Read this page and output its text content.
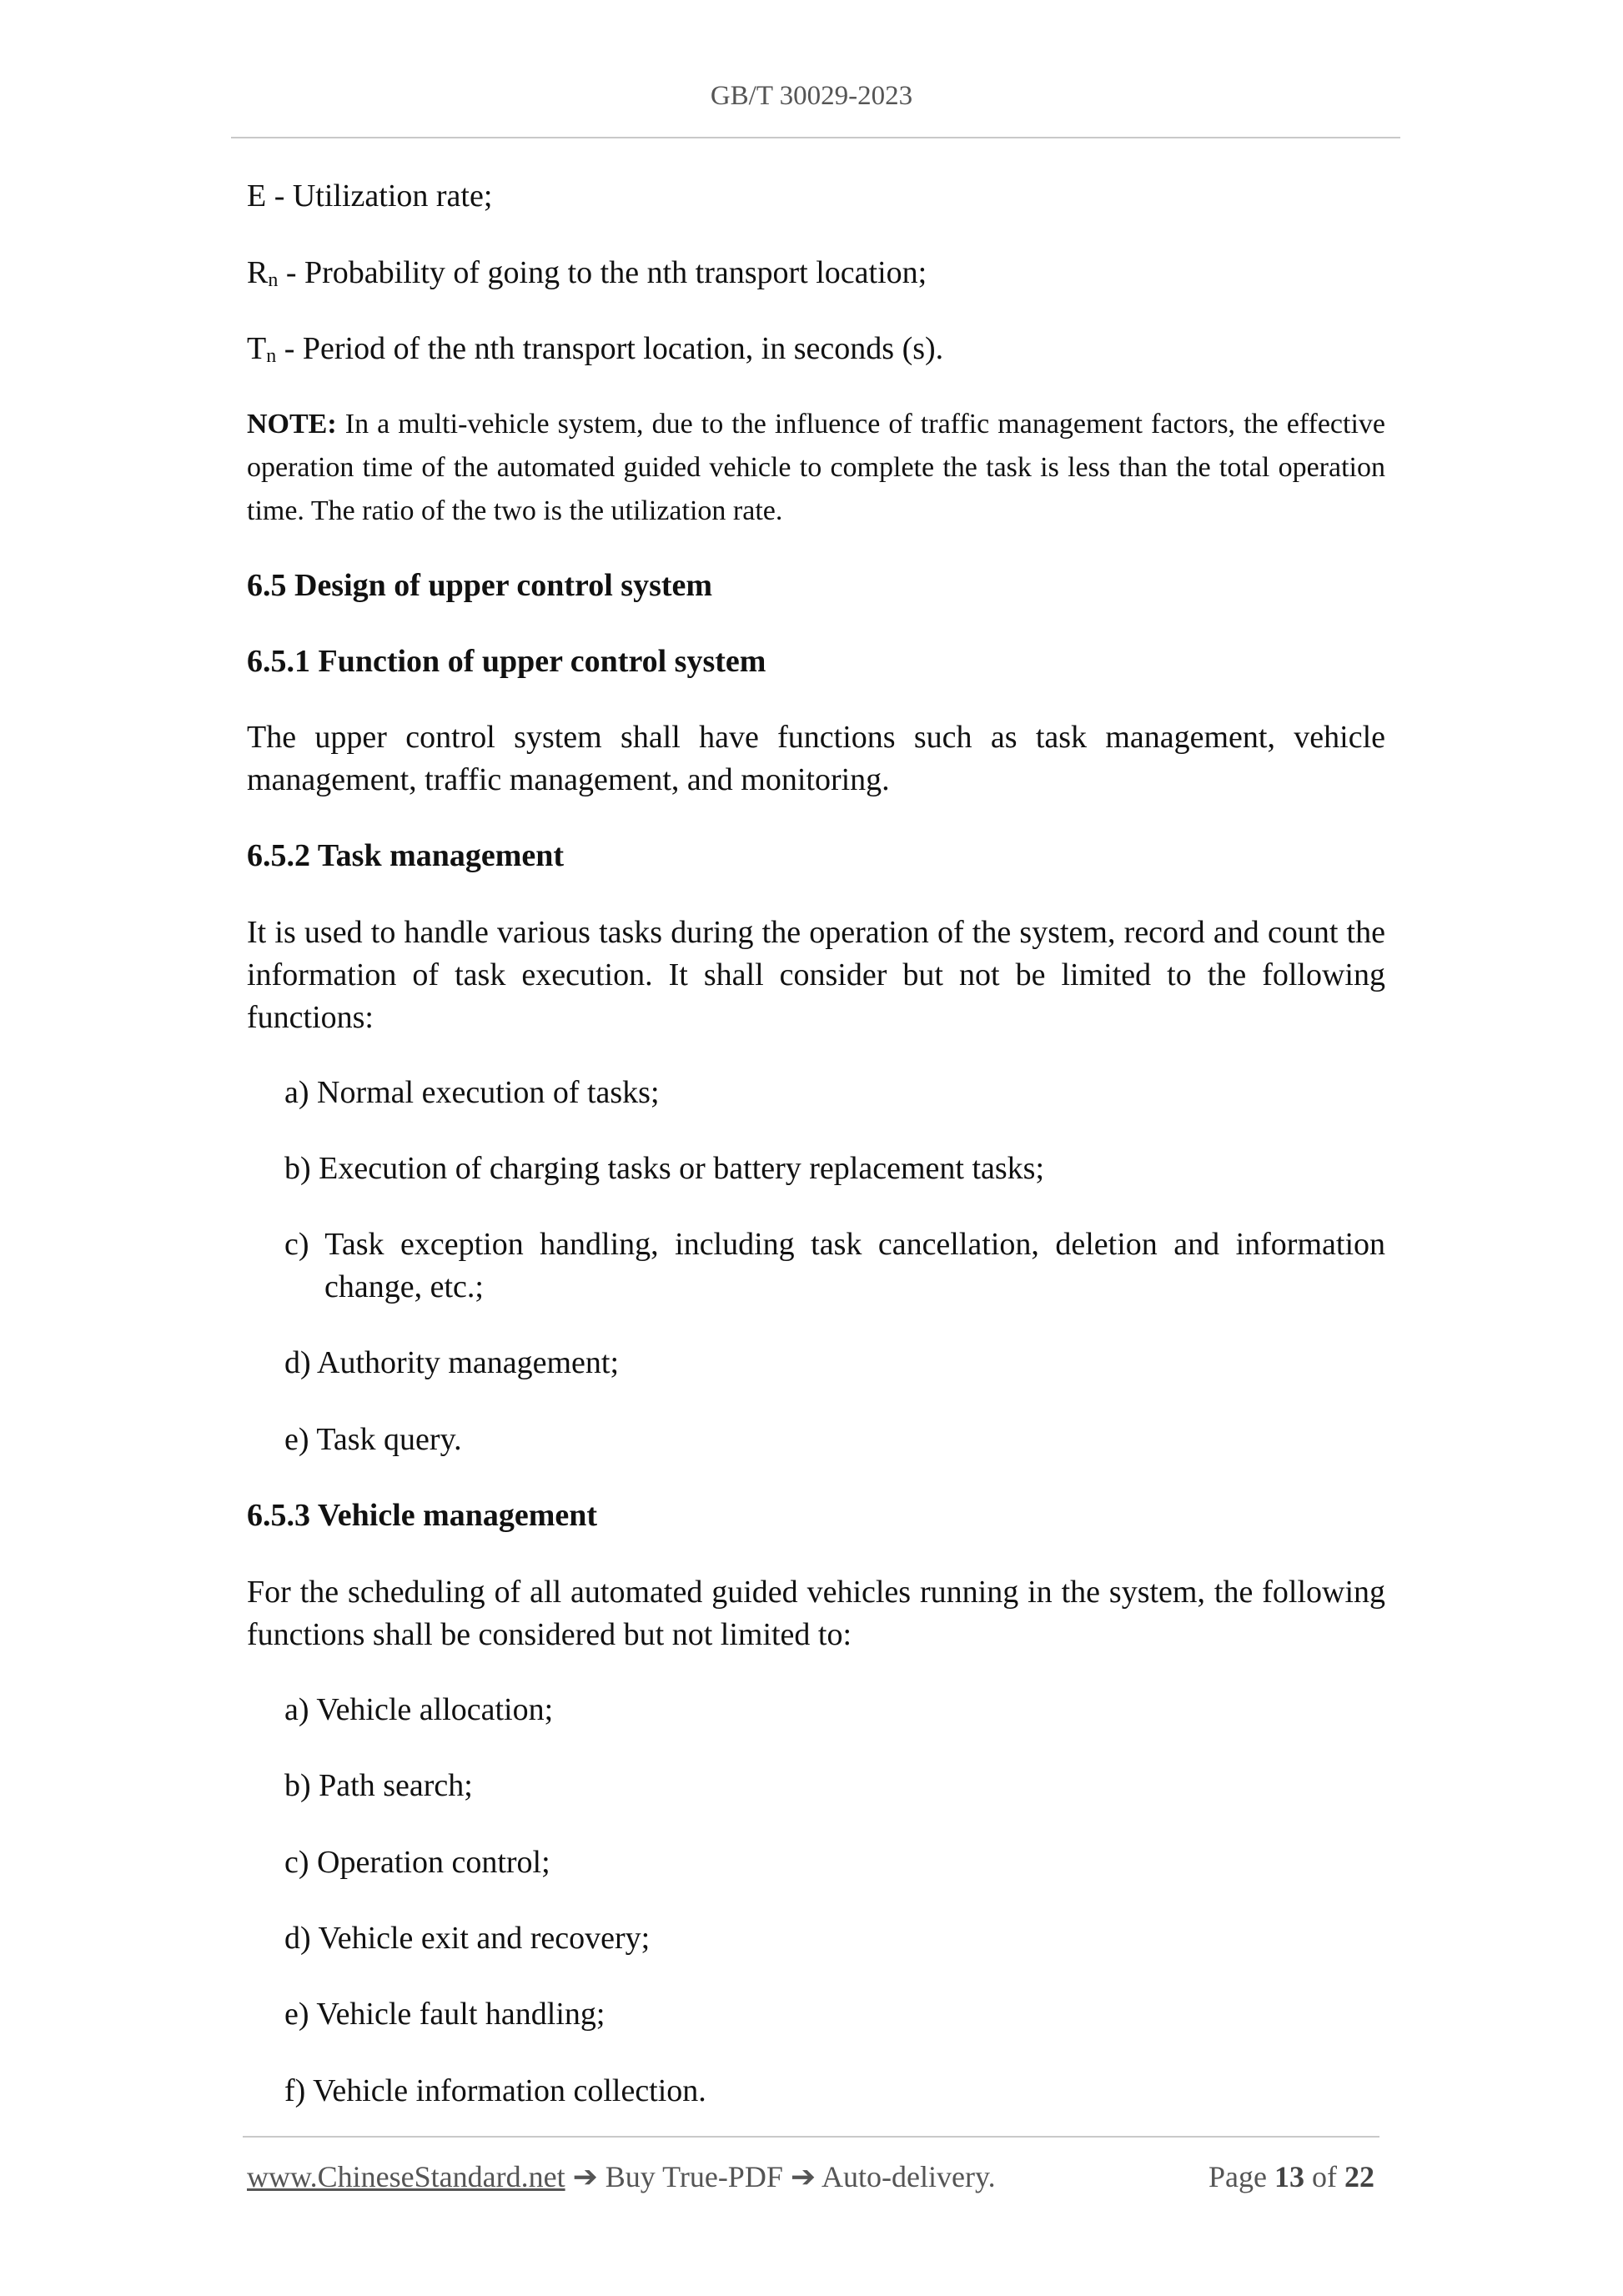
GB/T 30029-2023

E - Utilization rate;

$R_n$ - Probability of going to the nth transport location;

$T_n$ - Period of the nth transport location, in seconds (s).

NOTE: In a multi-vehicle system, due to the influence of traffic management factors, the effective operation time of the automated guided vehicle to complete the task is less than the total operation time. The ratio of the two is the utilization rate.

6.5 Design of upper control system

6.5.1 Function of upper control system

The upper control system shall have functions such as task management, vehicle management, traffic management, and monitoring.

6.5.2 Task management

It is used to handle various tasks during the operation of the system, record and count the information of task execution. It shall consider but not be limited to the following functions:

a) Normal execution of tasks;
b) Execution of charging tasks or battery replacement tasks;
c) Task exception handling, including task cancellation, deletion and information change, etc.;
d) Authority management;
e) Task query.

6.5.3 Vehicle management

For the scheduling of all automated guided vehicles running in the system, the following functions shall be considered but not limited to:

a) Vehicle allocation;
b) Path search;
c) Operation control;
d) Vehicle exit and recovery;
e) Vehicle fault handling;
f) Vehicle information collection.
www.ChineseStandard.net ➔ Buy True-PDF ➔ Auto-delivery.	Page 13 of 22
